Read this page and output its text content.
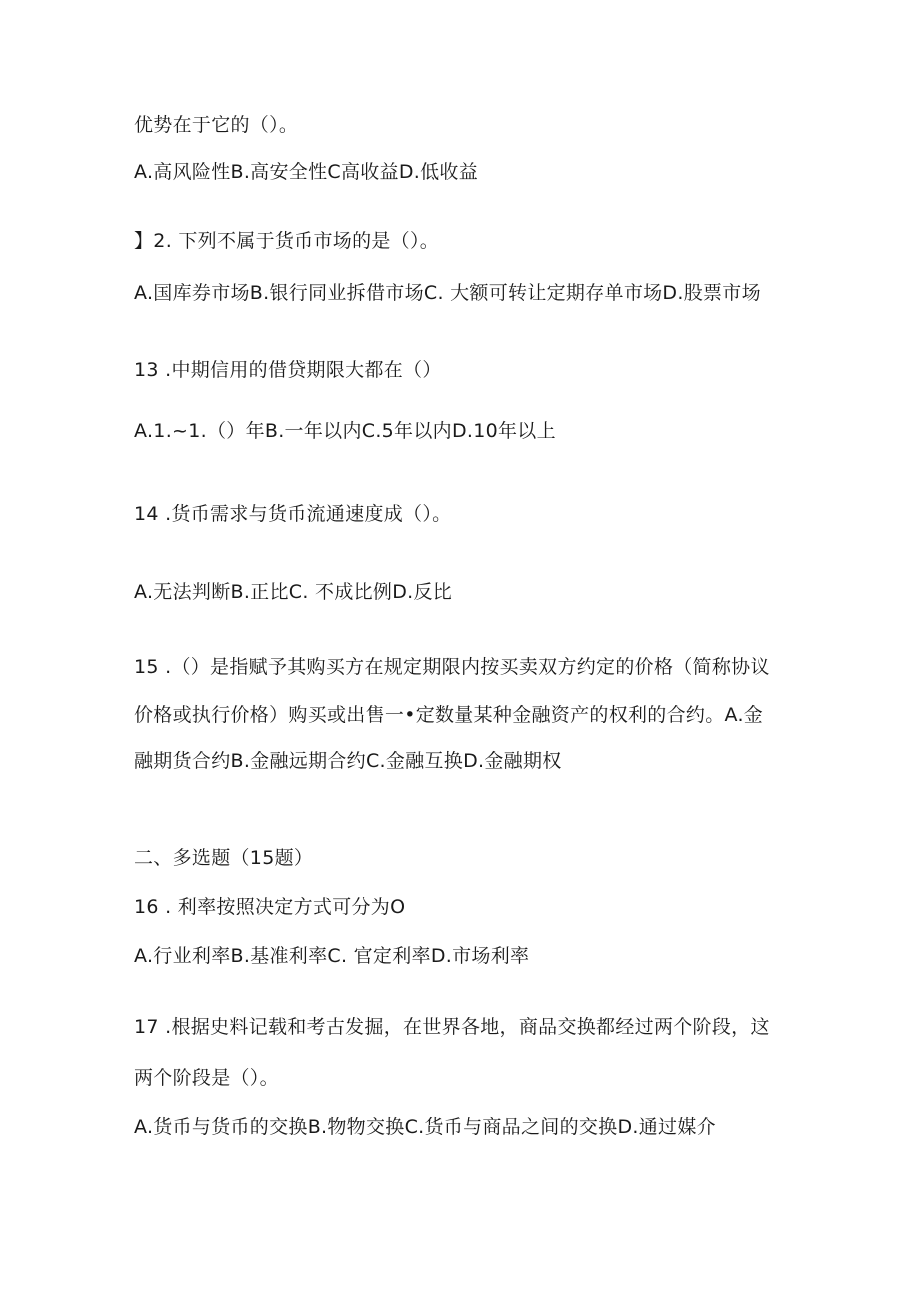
优势在于它的（）。
A.高风险性B.高安全性C高收益D.低收益
】2. 下列不属于货币市场的是（）。
A.国库券市场B.银行同业拆借市场C. 大额可转让定期存单市场D.股票市场
13 .中期信用的借贷期限大都在（）
A.1.~1.（）年B.一年以内C.5年以内D.10年以上
14 .货币需求与货币流通速度成（）。
A.无法判断B.正比C. 不成比例D.反比
15 .（）是指赋予其购买方在规定期限内按买卖双方约定的价格（简称协议
价格或执行价格）购买或出售一•定数量某种金融资产的权利的合约。A.金
融期货合约B.金融远期合约C.金融互换D.金融期权
二、多选题（15题）
16 . 利率按照决定方式可分为O
A.行业利率B.基准利率C. 官定利率D.市场利率
17 .根据史料记载和考古发掘，在世界各地，商品交换都经过两个阶段，这
两个阶段是（）。
A.货币与货币的交换B.物物交换C.货币与商品之间的交换D.通过媒介
